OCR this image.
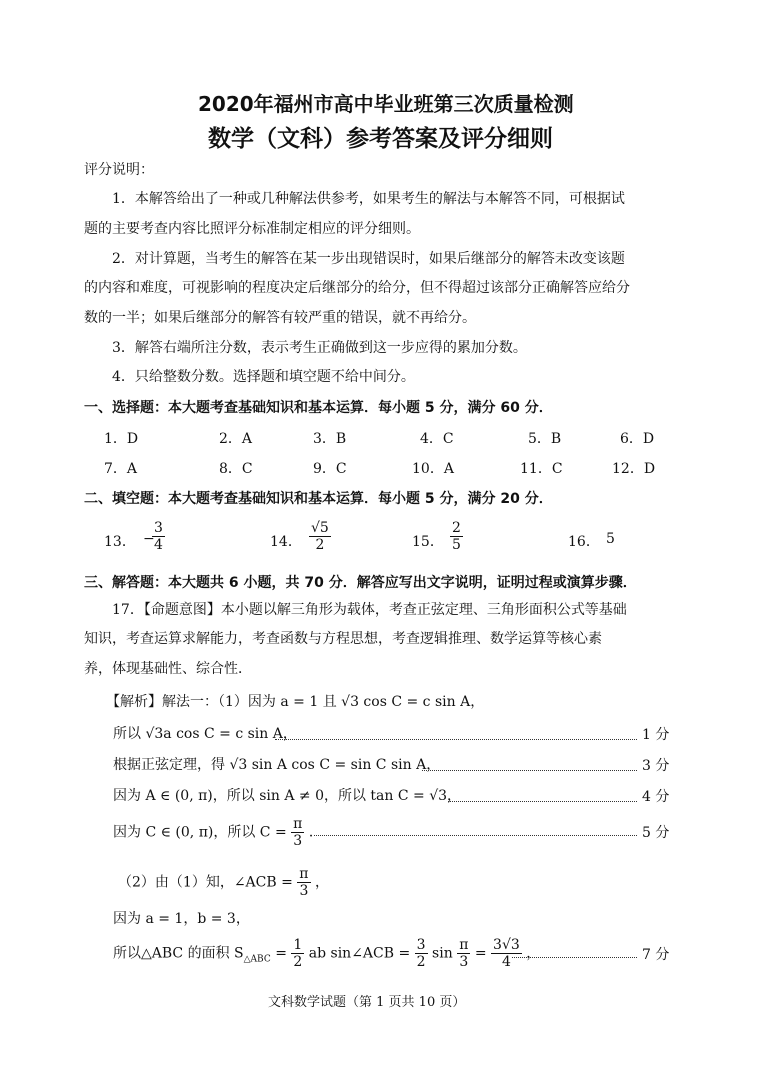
2020年福州市高中毕业班第三次质量检测
数学（文科）参考答案及评分细则
评分说明：
1．本解答给出了一种或几种解法供参考，如果考生的解法与本解答不同，可根据试
题的主要考查内容比照评分标准制定相应的评分细则。
2．对计算题，当考生的解答在某一步出现错误时，如果后继部分的解答未改变该题
的内容和难度，可视影响的程度决定后继部分的给分，但不得超过该部分正确解答应给分
数的一半；如果后继部分的解答有较严重的错误，就不再给分。
3．解答右端所注分数，表示考生正确做到这一步应得的累加分数。
4．只给整数分数。选择题和填空题不给中间分。
一、选择题：本大题考查基础知识和基本运算．每小题 5 分，满分 60 分．
1．D	2．A	3．B	4．C	5．B	6．D
7．A	8．C	9．C	10．A	11．C	12．D
二、填空题：本大题考查基础知识和基本运算．每小题 5 分，满分 20 分．
13． −
$\frac{3}{4}$	14． $\frac{√5}{2}$	15． $\frac{2}{5}$	16． 5
三、解答题：本大题共 6 小题，共 70 分．解答应写出文字说明，证明过程或演算步骤．
17．【命题意图】本小题以解三角形为载体，考查正弦定理、三角形面积公式等基础
知识，考查运算求解能力，考查函数与方程思想，考查逻辑推理、数学运算等核心素
养，体现基础性、综合性．
【解析】解法一：（1）因为 a = 1 且 √3 cos C = c sin A，
所以 √3a cos C = c sin A，	1 分
根据正弦定理，得 √3 sin A cos C = sin C sin A，	3 分
因为 A ∈ (0, π)，所以 sin A ≠ 0，所以 tan C = √3，	4 分
因为 C ∈ (0, π)，所以 $C = \frac{\pi}{3}$ ．	5 分
（2）由（1）知，∠ACB = $\frac{\pi}{3}$ ，
因为 a = 1，b = 3，
所以△ABC 的面积 $S_{\triangle ABC} = \frac{1}{2}$ ab sin∠ACB = $\frac{3}{2}$ $\sin \frac{\pi}{3} = \frac{3√3}{4}$ ，	7 分
文科数学试题（第 1 页共 10 页）
